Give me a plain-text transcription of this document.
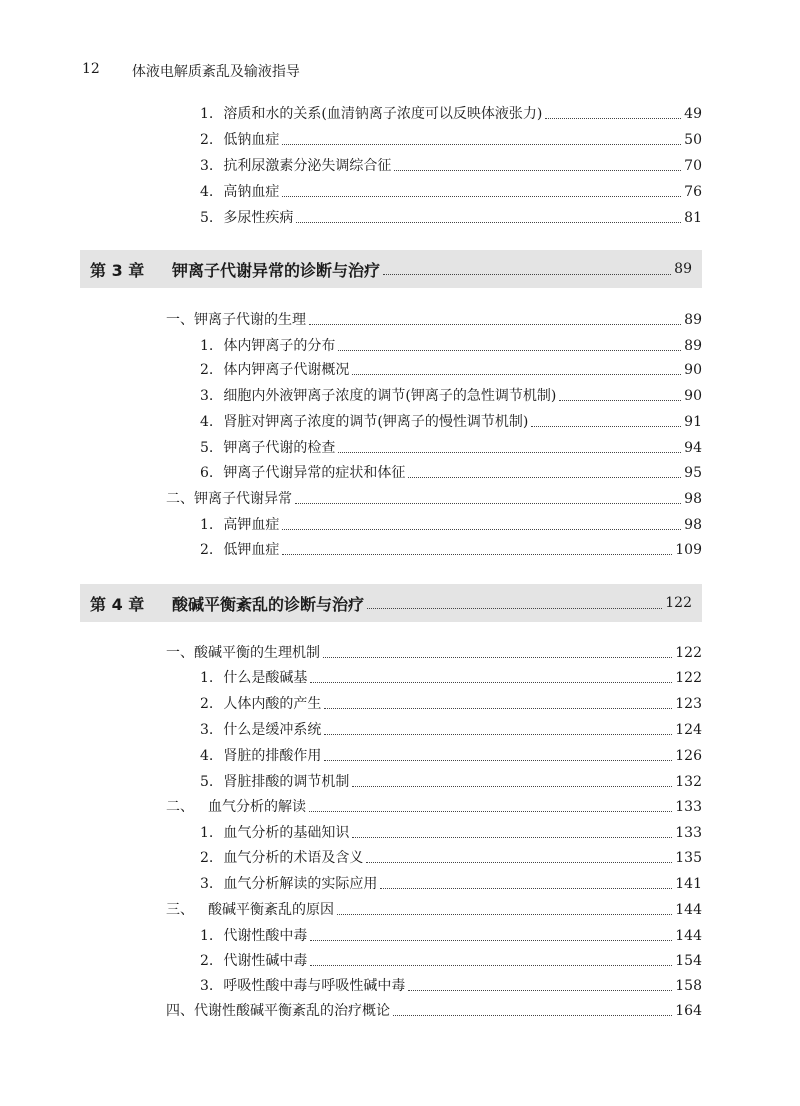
12 体液电解质紊乱及输液指导
1. 溶质和水的关系(血清钠离子浓度可以反映体液张力)	49
2. 低钠血症	50
3. 抗利尿激素分泌失调综合征	70
4. 高钠血症	76
5. 多尿性疾病	81
第 3 章	钾离子代谢异常的诊断与治疗	89
一、钾离子代谢的生理	89
1. 体内钾离子的分布	89
2. 体内钾离子代谢概况	90
3. 细胞内外液钾离子浓度的调节(钾离子的急性调节机制)	90
4. 肾脏对钾离子浓度的调节(钾离子的慢性调节机制)	91
5. 钾离子代谢的检查	94
6. 钾离子代谢异常的症状和体征	95
二、钾离子代谢异常	98
1. 高钾血症	98
2. 低钾血症	109
第 4 章	酸碱平衡紊乱的诊断与治疗	122
一、酸碱平衡的生理机制	122
1. 什么是酸碱基	122
2. 人体内酸的产生	123
3. 什么是缓冲系统	124
4. 肾脏的排酸作用	126
5. 肾脏排酸的调节机制	132
二、 血气分析的解读	133
1. 血气分析的基础知识	133
2. 血气分析的术语及含义	135
3. 血气分析解读的实际应用	141
三、 酸碱平衡紊乱的原因	144
1. 代谢性酸中毒	144
2. 代谢性碱中毒	154
3. 呼吸性酸中毒与呼吸性碱中毒	158
四、代谢性酸碱平衡紊乱的治疗概论	164
